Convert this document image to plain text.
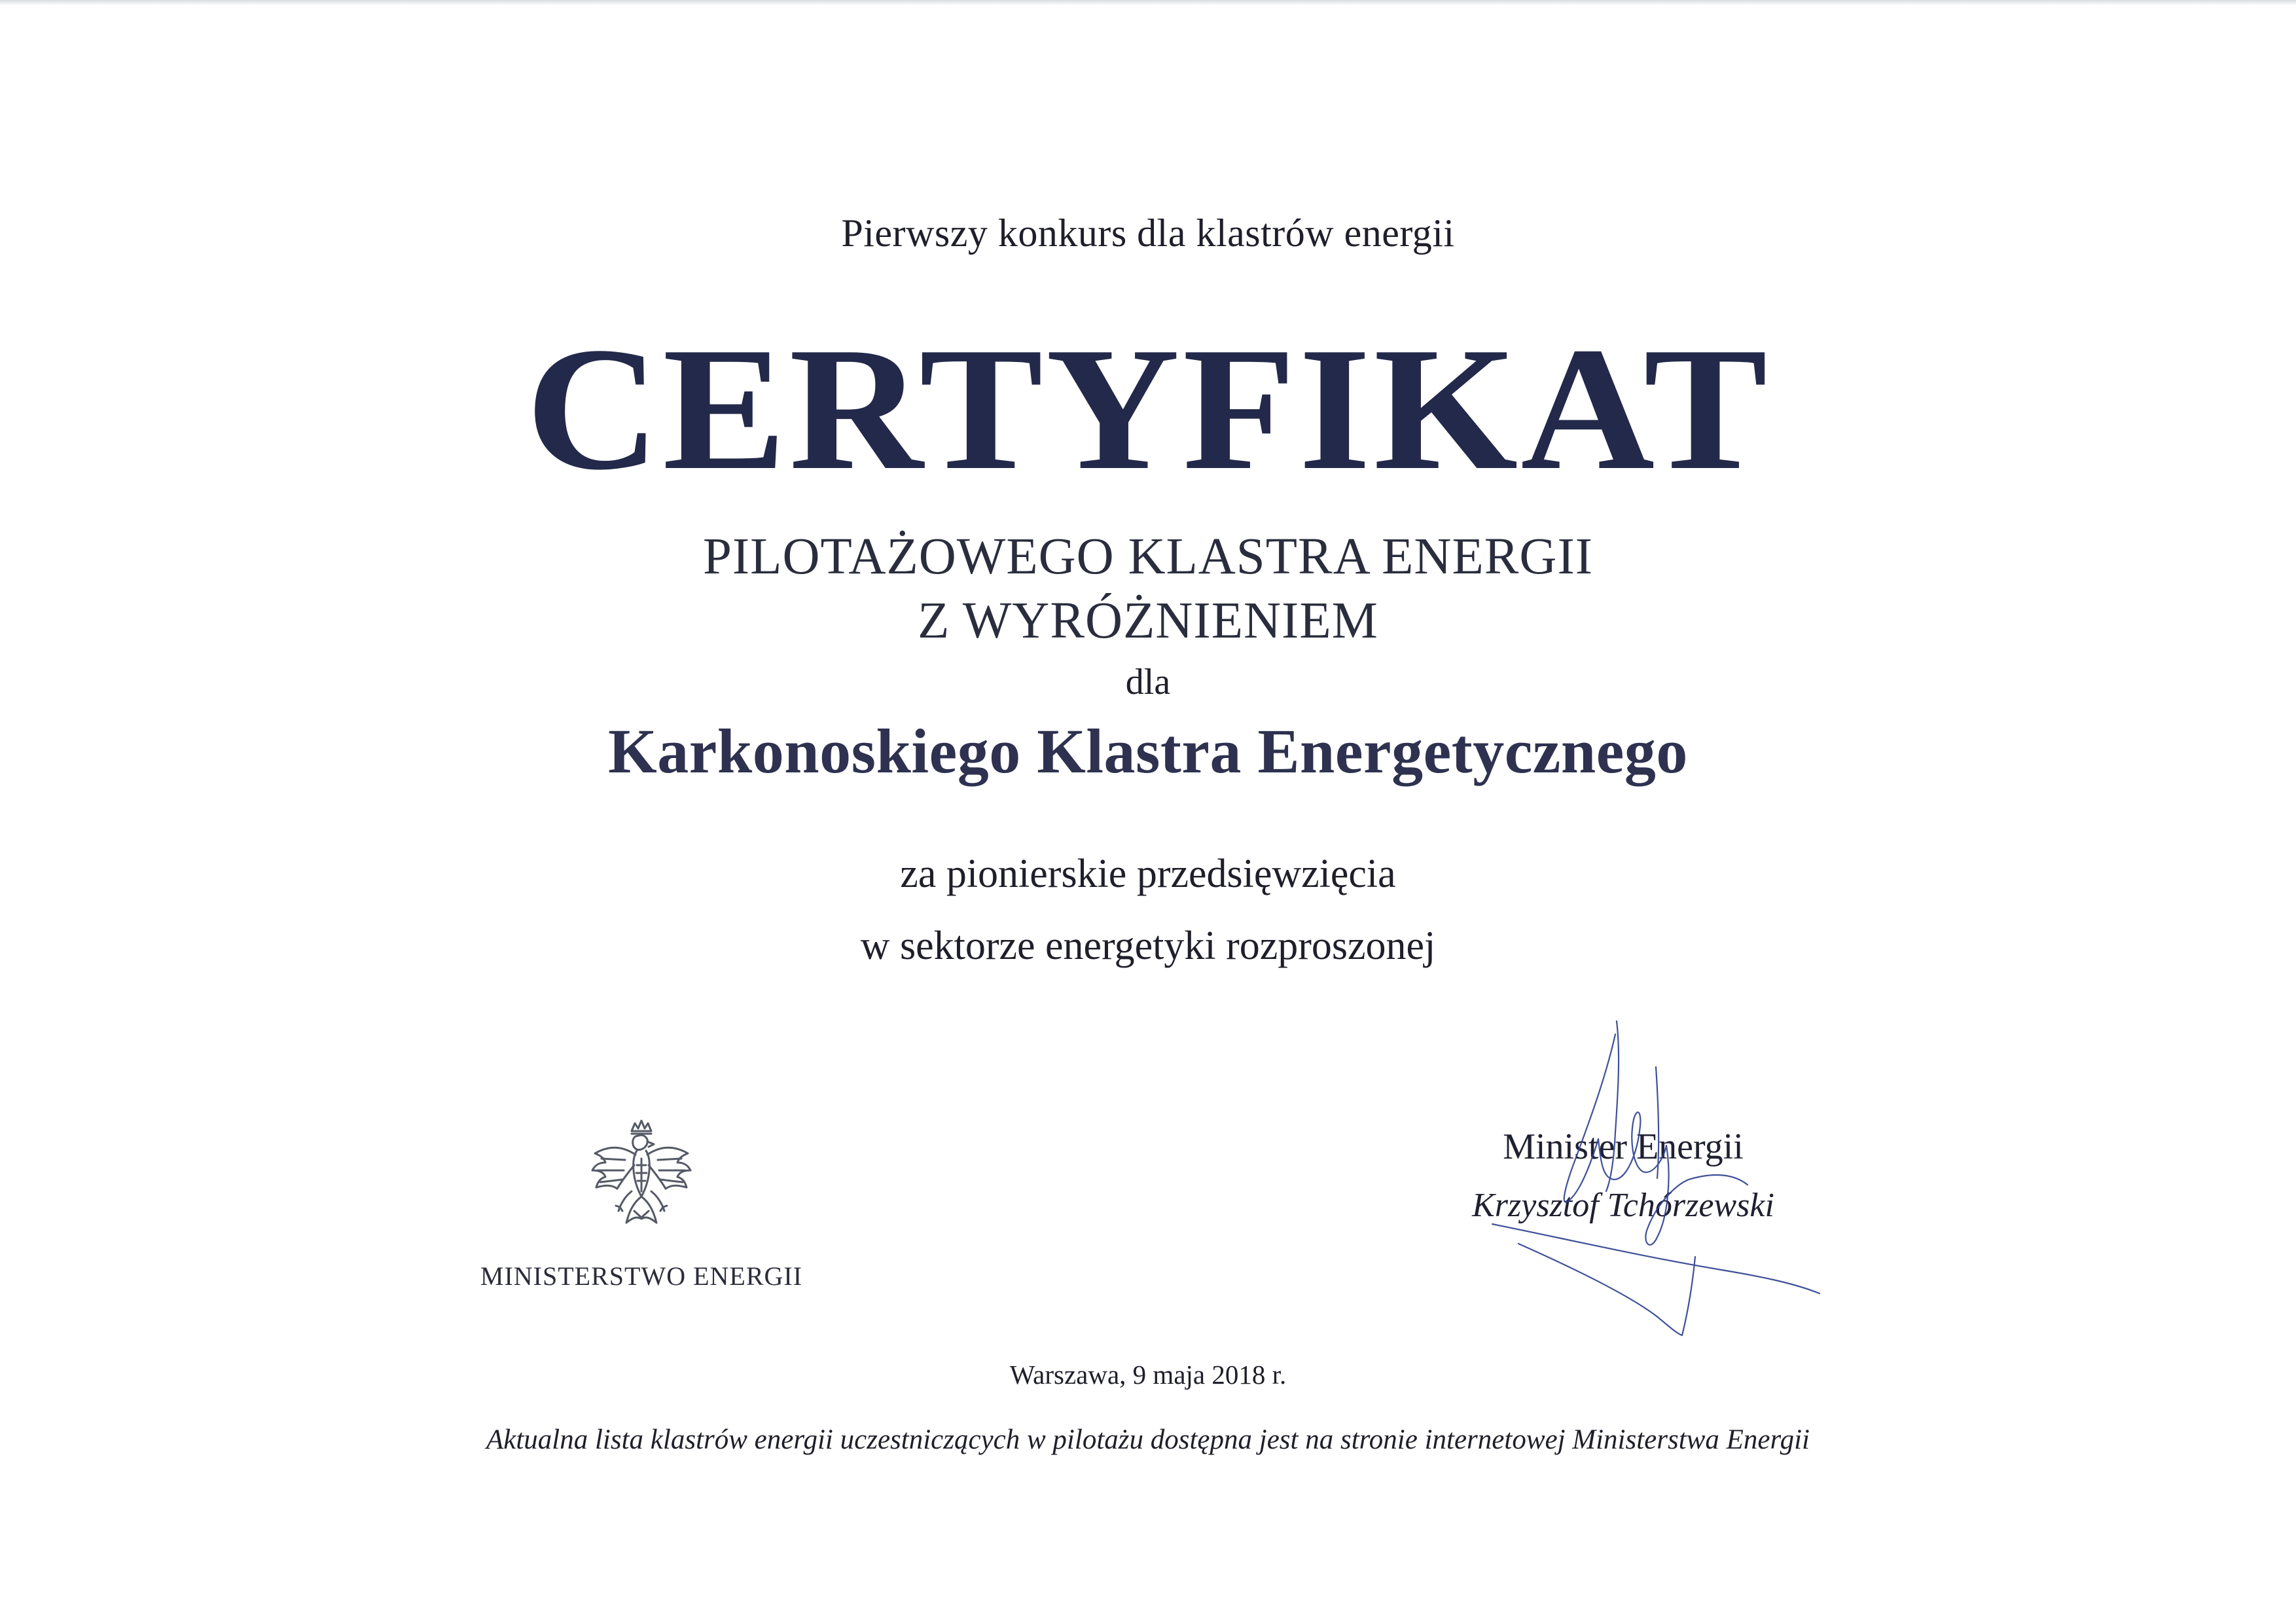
Pierwszy konkurs dla klastrów energii
CERTYFIKAT
PILOTAŻOWEGO KLASTRA ENERGII
Z WYRÓŻNIENIEM
dla
Karkonoskiego Klastra Energetycznego
za pionierskie przedsięwzięcia
w sektorze energetyki rozproszonej
MINISTERSTWO ENERGII
Minister Energii
Krzysztof Tchórzewski
Warszawa, 9 maja 2018 r.
Aktualna lista klastrów energii uczestniczących w pilotażu dostępna jest na stronie internetowej Ministerstwa Energii
